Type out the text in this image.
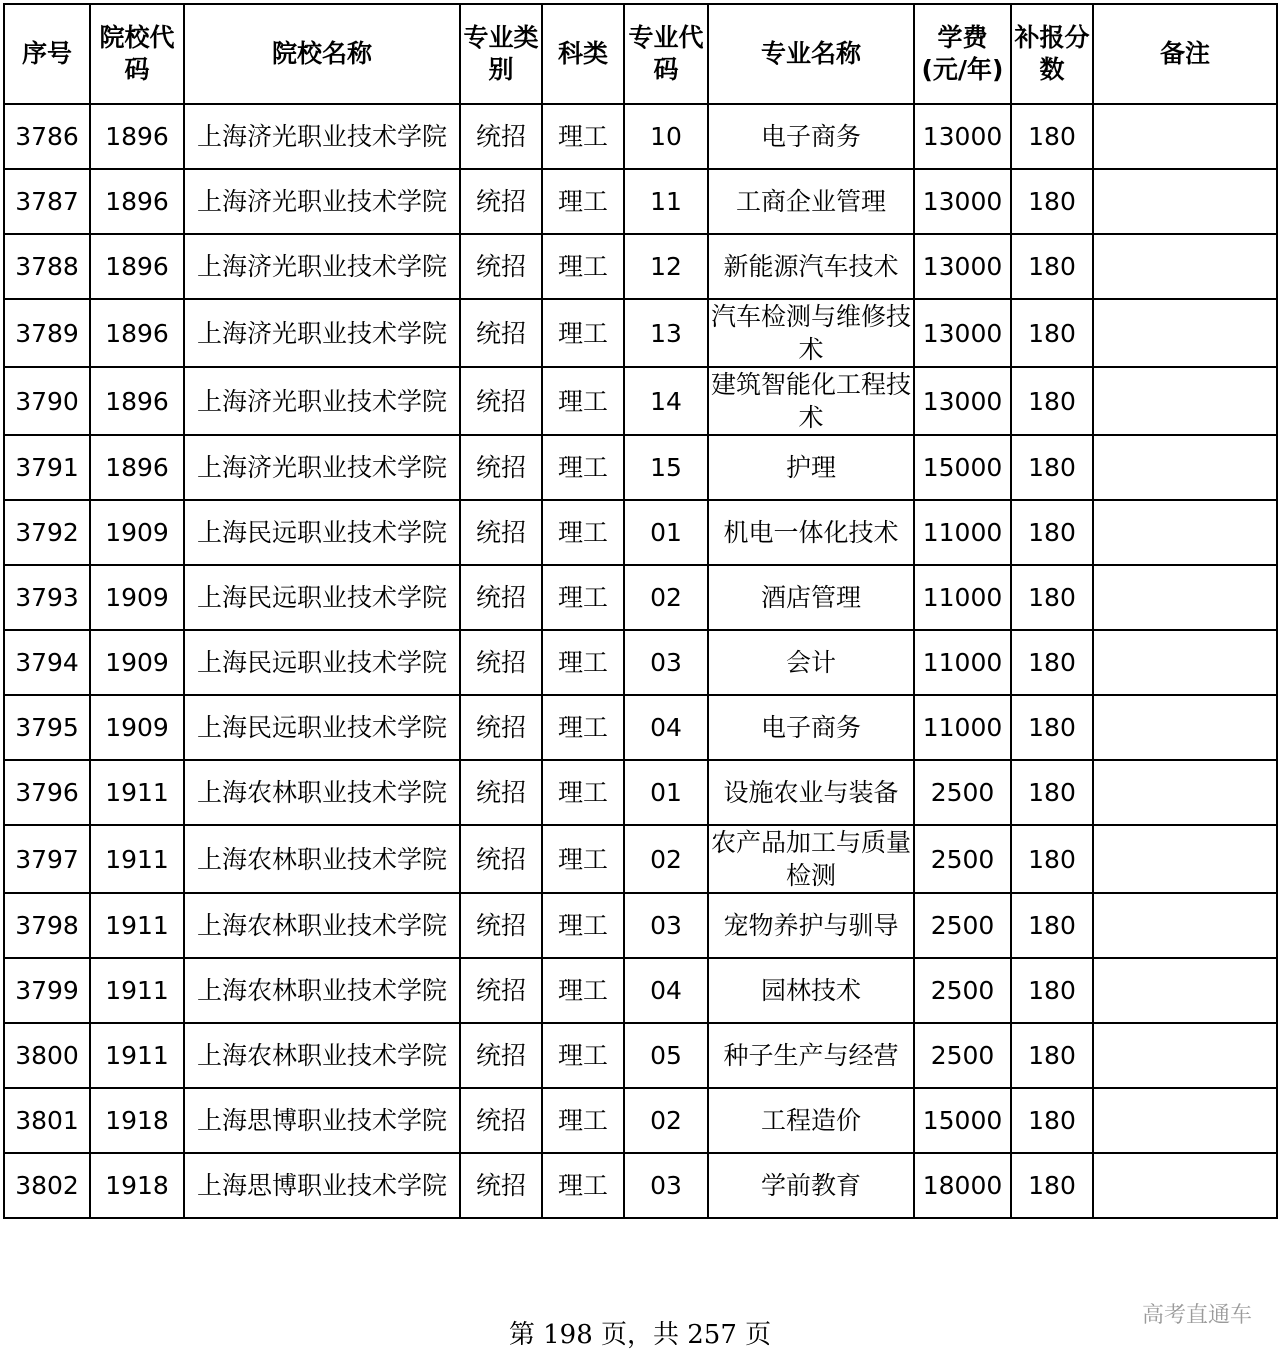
序号	院校代码	院校名称	专业类别	科类	专业代码	专业名称	学费(元/年)	补报分数	备注
3786	1896	上海济光职业技术学院	统招	理工	10	电子商务	13000	180	
3787	1896	上海济光职业技术学院	统招	理工	11	工商企业管理	13000	180	
3788	1896	上海济光职业技术学院	统招	理工	12	新能源汽车技术	13000	180	
3789	1896	上海济光职业技术学院	统招	理工	13	汽车检测与维修技术	13000	180	
3790	1896	上海济光职业技术学院	统招	理工	14	建筑智能化工程技术	13000	180	
3791	1896	上海济光职业技术学院	统招	理工	15	护理	15000	180	
3792	1909	上海民远职业技术学院	统招	理工	01	机电一体化技术	11000	180	
3793	1909	上海民远职业技术学院	统招	理工	02	酒店管理	11000	180	
3794	1909	上海民远职业技术学院	统招	理工	03	会计	11000	180	
3795	1909	上海民远职业技术学院	统招	理工	04	电子商务	11000	180	
3796	1911	上海农林职业技术学院	统招	理工	01	设施农业与装备	2500	180	
3797	1911	上海农林职业技术学院	统招	理工	02	农产品加工与质量检测	2500	180	
3798	1911	上海农林职业技术学院	统招	理工	03	宠物养护与驯导	2500	180	
3799	1911	上海农林职业技术学院	统招	理工	04	园林技术	2500	180	
3800	1911	上海农林职业技术学院	统招	理工	05	种子生产与经营	2500	180	
3801	1918	上海思博职业技术学院	统招	理工	02	工程造价	15000	180	
3802	1918	上海思博职业技术学院	统招	理工	03	学前教育	18000	180	
第 198 页，共 257 页
高考直通车
